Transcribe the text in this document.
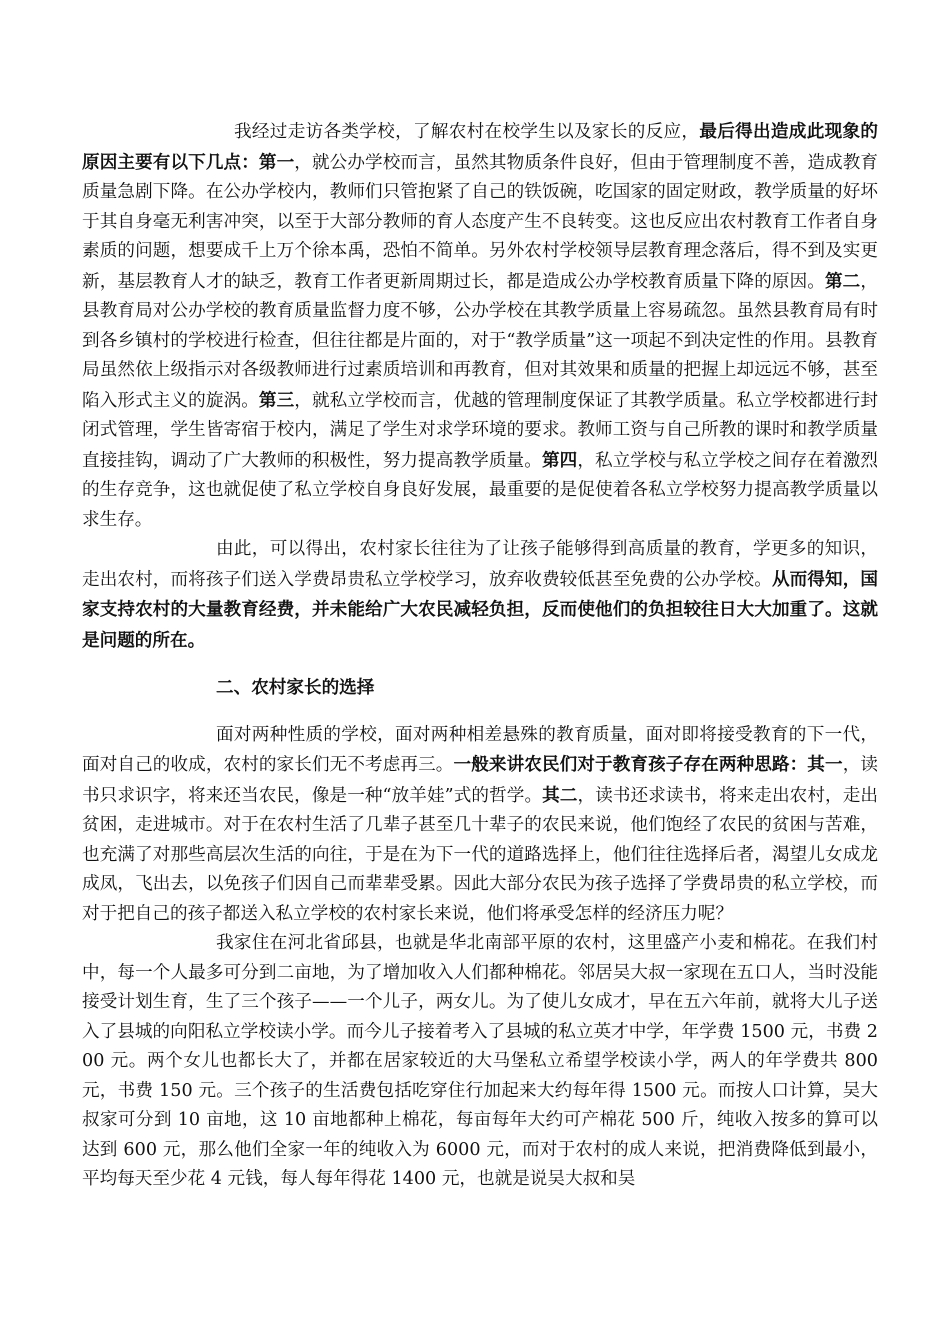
我经过走访各类学校，了解农村在校学生以及家长的反应，最后得出造成此现象的原因主要有以下几点：第一，就公办学校而言，虽然其物质条件良好，但由于管理制度不善，造成教育质量急剧下降。在公办学校内，教师们只管抱紧了自己的铁饭碗，吃国家的固定财政，教学质量的好坏于其自身毫无利害冲突，以至于大部分教师的育人态度产生不良转变。这也反应出农村教育工作者自身素质的问题，想要成千上万个徐本禹，恐怕不简单。另外农村学校领导层教育理念落后，得不到及实更新，基层教育人才的缺乏，教育工作者更新周期过长，都是造成公办学校教育质量下降的原因。第二，县教育局对公办学校的教育质量监督力度不够，公办学校在其教学质量上容易疏忽。虽然县教育局有时到各乡镇村的学校进行检查，但往往都是片面的，对于“教学质量”这一项起不到决定性的作用。县教育局虽然依上级指示对各级教师进行过素质培训和再教育，但对其效果和质量的把握上却远远不够，甚至陷入形式主义的旋涡。第三，就私立学校而言，优越的管理制度保证了其教学质量。私立学校都进行封闭式管理，学生皆寄宿于校内，满足了学生对求学环境的要求。教师工资与自己所教的课时和教学质量直接挂钩，调动了广大教师的积极性，努力提高教学质量。第四，私立学校与私立学校之间存在着激烈的生存竞争，这也就促使了私立学校自身良好发展，最重要的是促使着各私立学校努力提高教学质量以求生存。

由此，可以得出，农村家长往往为了让孩子能够得到高质量的教育，学更多的知识，走出农村，而将孩子们送入学费昂贵私立学校学习，放弃收费较低甚至免费的公办学校。从而得知，国家支持农村的大量教育经费，并未能给广大农民减轻负担，反而使他们的负担较往日大大加重了。这就是问题的所在。

二、农村家长的选择

面对两种性质的学校，面对两种相差悬殊的教育质量，面对即将接受教育的下一代，面对自己的收成，农村的家长们无不考虑再三。一般来讲农民们对于教育孩子存在两种思路：其一，读书只求识字，将来还当农民，像是一种“放羊娃”式的哲学。其二，读书还求读书，将来走出农村，走出贫困，走进城市。对于在农村生活了几辈子甚至几十辈子的农民来说，他们饱经了农民的贫困与苦难，也充满了对那些高层次生活的向往，于是在为下一代的道路选择上，他们往往选择后者，渴望儿女成龙成凤，飞出去，以免孩子们因自己而辈辈受累。因此大部分农民为孩子选择了学费昂贵的私立学校，而对于把自己的孩子都送入私立学校的农村家长来说，他们将承受怎样的经济压力呢？

我家住在河北省邱县，也就是华北南部平原的农村，这里盛产小麦和棉花。在我们村中，每一个人最多可分到二亩地，为了增加收入人们都种棉花。邻居吴大叔一家现在五口人，当时没能接受计划生育，生了三个孩子——一个儿子，两女儿。为了使儿女成才，早在五六年前，就将大儿子送入了县城的向阳私立学校读小学。而今儿子接着考入了县城的私立英才中学，年学费 1500 元，书费 200 元。两个女儿也都长大了，并都在居家较近的大马堡私立希望学校读小学，两人的年学费共 800 元，书费 150 元。三个孩子的生活费包括吃穿住行加起来大约每年得 1500 元。而按人口计算，吴大叔家可分到 10 亩地，这 10 亩地都种上棉花，每亩每年大约可产棉花 500 斤，纯收入按多的算可以达到 600 元，那么他们全家一年的纯收入为 6000 元，而对于农村的成人来说，把消费降低到最小，平均每天至少花 4 元钱，每人每年得花 1400 元，也就是说吴大叔和吴
